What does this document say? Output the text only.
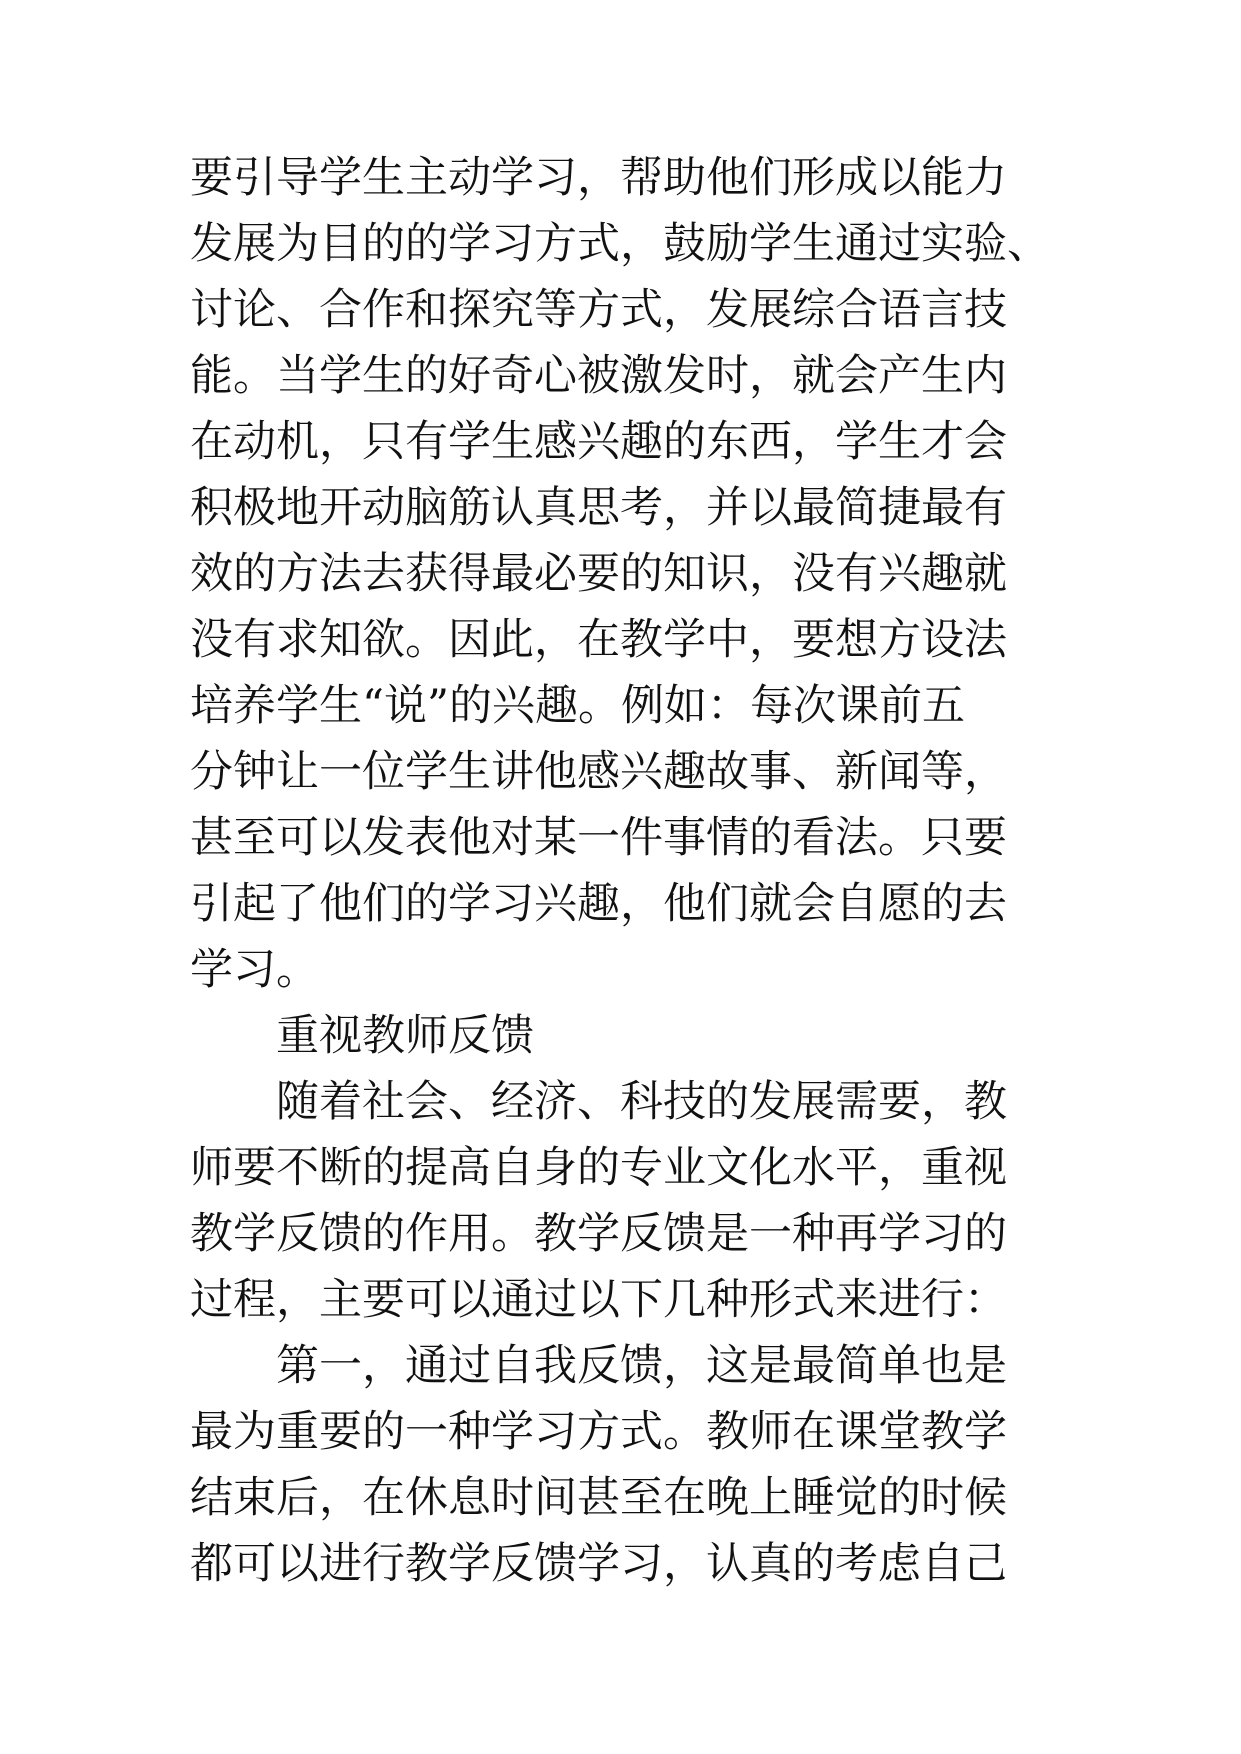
要引导学生主动学习，帮助他们形成以能力
发展为目的的学习方式，鼓励学生通过实验、
讨论、合作和探究等方式，发展综合语言技
能。当学生的好奇心被激发时，就会产生内
在动机，只有学生感兴趣的东西，学生才会
积极地开动脑筋认真思考，并以最简捷最有
效的方法去获得最必要的知识，没有兴趣就
没有求知欲。因此，在教学中，要想方设法
培养学生“说”的兴趣。例如：每次课前五
分钟让一位学生讲他感兴趣故事、新闻等，
甚至可以发表他对某一件事情的看法。只要
引起了他们的学习兴趣，他们就会自愿的去
学习。
　　重视教师反馈
　　随着社会、经济、科技的发展需要，教
师要不断的提高自身的专业文化水平，重视
教学反馈的作用。教学反馈是一种再学习的
过程，主要可以通过以下几种形式来进行：
　　第一，通过自我反馈，这是最简单也是
最为重要的一种学习方式。教师在课堂教学
结束后，在休息时间甚至在晚上睡觉的时候
都可以进行教学反馈学习，认真的考虑自己
